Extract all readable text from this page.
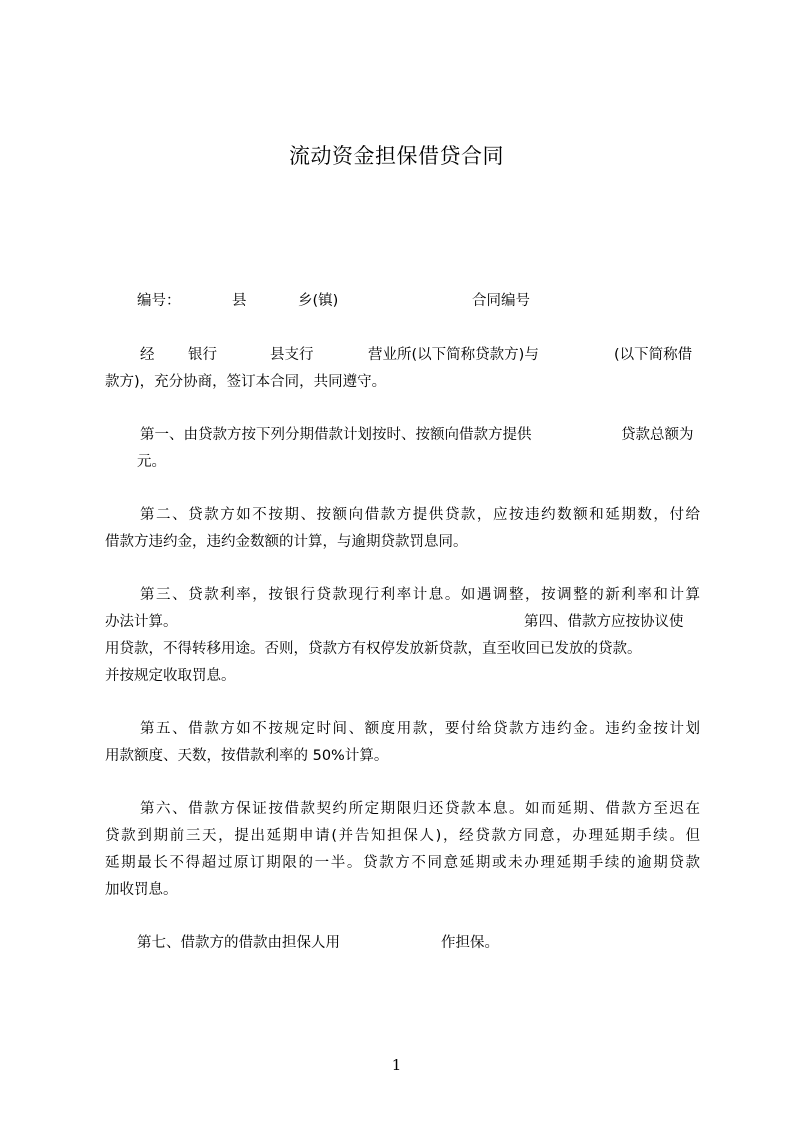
流动资金担保借贷合同
编号：	县	乡(镇)	合同编号
经 银行	县支行	营业所(以下简称贷款方)与	(以下简称借
款方)，充分协商，签订本合同，共同遵守。
第一、由贷款方按下列分期借款计划按时、按额向借款方提供	贷款总额为
元。
第二、贷款方如不按期、按额向借款方提供贷款，应按违约数额和延期数，付给
借款方违约金，违约金数额的计算，与逾期贷款罚息同。
第三、贷款利率，按银行贷款现行利率计息。如遇调整，按调整的新利率和计算
办法计算。	第四、借款方应按协议使
用贷款，不得转移用途。否则，贷款方有权停发放新贷款，直至收回已发放的贷款。
并按规定收取罚息。
第五、借款方如不按规定时间、额度用款，要付给贷款方违约金。违约金按计划
用款额度、天数，按借款利率的 50%计算。
第六、借款方保证按借款契约所定期限归还贷款本息。如而延期、借款方至迟在
贷款到期前三天，提出延期申请(并告知担保人)，经贷款方同意，办理延期手续。但
延期最长不得超过原订期限的一半。贷款方不同意延期或未办理延期手续的逾期贷款
加收罚息。
第七、借款方的借款由担保人用	作担保。
1
